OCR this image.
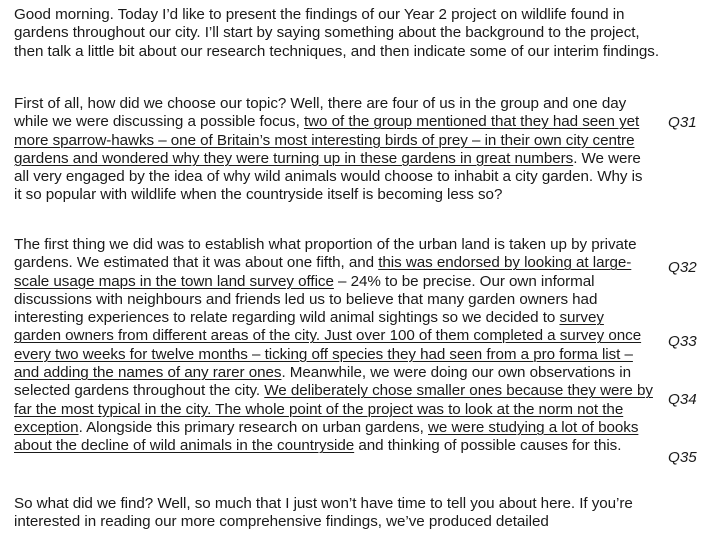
Good morning. Today I’d like to present the findings of our Year 2 project on wildlife found in gardens throughout our city. I’ll start by saying something about the background to the project, then talk a little bit about our research techniques, and then indicate some of our interim findings.

First of all, how did we choose our topic? Well, there are four of us in the group and one day while we were discussing a possible focus, two of the group mentioned that they had seen yet more sparrow-hawks – one of Britain’s most interesting birds of prey – in their own city centre gardens and wondered why they were turning up in these gardens in great numbers. We were all very engaged by the idea of why wild animals would choose to inhabit a city garden. Why is it so popular with wildlife when the countryside itself is becoming less so?

The first thing we did was to establish what proportion of the urban land is taken up by private gardens. We estimated that it was about one fifth, and this was endorsed by looking at large-scale usage maps in the town land survey office – 24% to be precise. Our own informal discussions with neighbours and friends led us to believe that many garden owners had interesting experiences to relate regarding wild animal sightings so we decided to survey garden owners from different areas of the city. Just over 100 of them completed a survey once every two weeks for twelve months – ticking off species they had seen from a pro forma list – and adding the names of any rarer ones. Meanwhile, we were doing our own observations in selected gardens throughout the city. We deliberately chose smaller ones because they were by far the most typical in the city. The whole point of the project was to look at the norm not the exception. Alongside this primary research on urban gardens, we were studying a lot of books about the decline of wild animals in the countryside and thinking of possible causes for this.

So what did we find? Well, so much that I just won’t have time to tell you about here. If you’re interested in reading our more comprehensive findings, we’ve produced detailed

Q31
Q32
Q33
Q34
Q35
